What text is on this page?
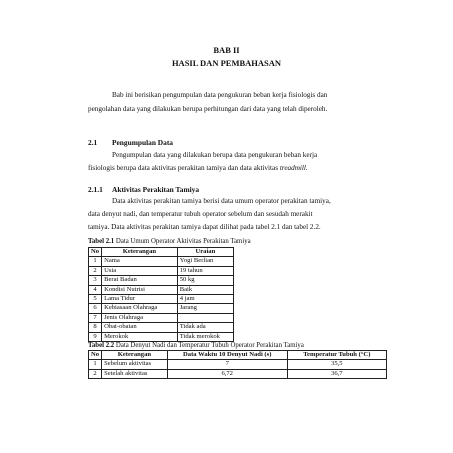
BAB II
HASIL DAN PEMBAHASAN
Bab ini berisikan pengumpulan data pengukuran beban kerja fisiologis dan
pengolahan data yang dilakukan berupa perhitungan dari data yang telah diperoleh.
2.1 Pengumpulan Data
Pengumpulan data yang dilakukan berupa data pengukuran beban kerja
fisiologis berupa data aktivitas perakitan tamiya dan data aktivitas treadmill.
2.1.1 Aktivitas Perakitan Tamiya
Data aktivitas perakitan tamiya berisi data umum operator perakitan tamiya,
data denyut nadi, dan temperatur tubuh operator sebelum dan sesudah merakit
tamiya. Data aktivitas perakitan tamiya dapat dilihat pada tabel 2.1 dan tabel 2.2.
Tabel 2.1 Data Umum Operator Aktivitas Perakitan Tamiya
No	Keterangan	Uraian
1	Nama	Yogi Berlian
2	Usia	19 tahun
3	Berat Badan	50 kg
4	Kondisi Nutrisi	Baik
5	Lama Tidur	4 jam
6	Kebiasaan Olahraga	Jarang
7	Jenis Olahraga	
8	Obat-obatan	Tidak ada
9	Merokok	Tidak merokok
Tabel 2.2 Data Denyut Nadi dan Temperatur Tubuh Operator Perakitan Tamiya
No	Keterangan	Data Waktu 10 Denyut Nadi (s)	Temperatur Tubuh (°C)
1	Sebelum aktivitas	7	35,5
2	Setelah aktivitas	6,72	36,7
